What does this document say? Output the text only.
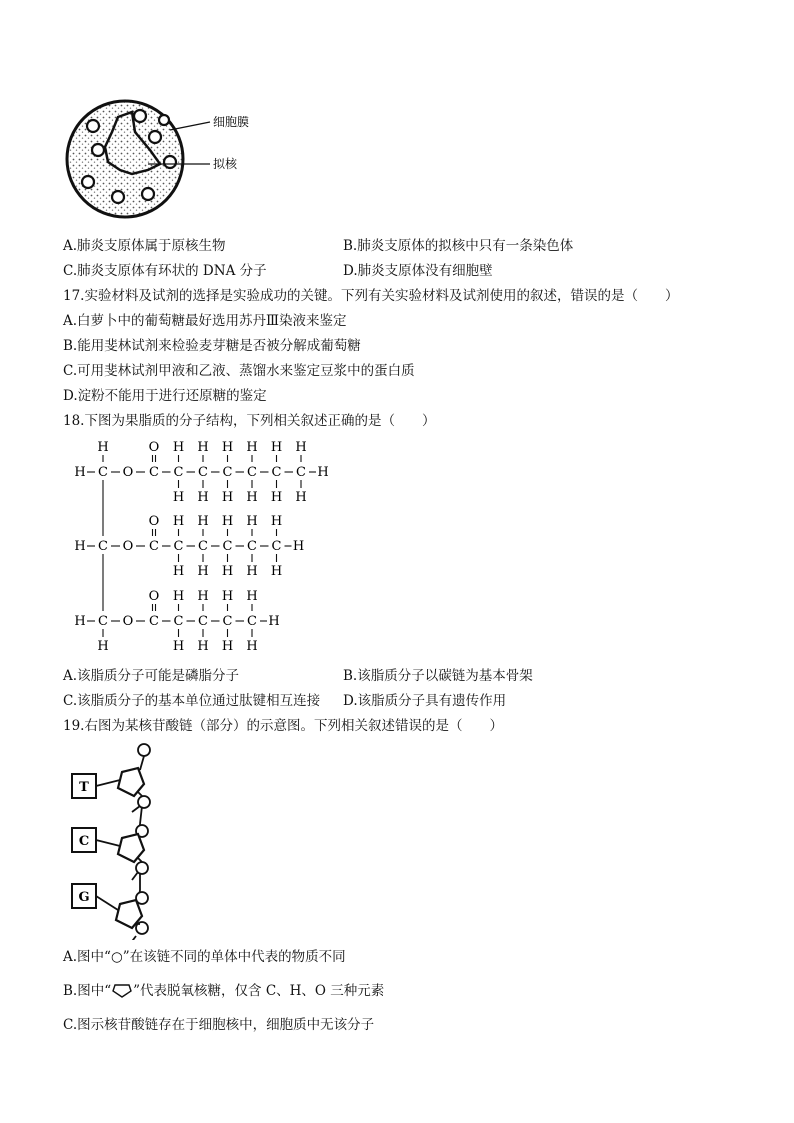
细胞膜
拟核
A.肺炎支原体属于原核生物	B.肺炎支原体的拟核中只有一条染色体
C.肺炎支原体有环状的 DNA 分子	D.肺炎支原体没有细胞壁
17.实验材料及试剂的选择是实验成功的关键。下列有关实验材料及试剂使用的叙述，错误的是（　　）
A.白萝卜中的葡萄糖最好选用苏丹Ⅲ染液来鉴定
B.能用斐林试剂来检验麦芽糖是否被分解成葡萄糖
C.可用斐林试剂甲液和乙液、蒸馏水来鉴定豆浆中的蛋白质
D.淀粉不能用于进行还原糖的鉴定
18.下图为果脂质的分子结构，下列相关叙述正确的是（　　）
H C O C
O
C
H
H
C
H
H
C
H
H
C
H
H
C
H
H
C
H
H
H
H
H C O C
O
C
H
H
C
H
H
C
H
H
C
H
H
C
H
H
H
H C O C
O
C
H
H
C
H
H
C
H
H
C
H
H
H
H
A.该脂质分子可能是磷脂分子	B.该脂质分子以碳链为基本骨架
C.该脂质分子的基本单位通过肽键相互连接 D.该脂质分子具有遗传作用
19.右图为某核苷酸链（部分）的示意图。下列相关叙述错误的是（　　）
T
C
G
A.图中“○”在该链不同的单体中代表的物质不同
B.图中“ ”代表脱氧核糖，仅含 C、H、O 三种元素
C.图示核苷酸链存在于细胞核中，细胞质中无该分子
